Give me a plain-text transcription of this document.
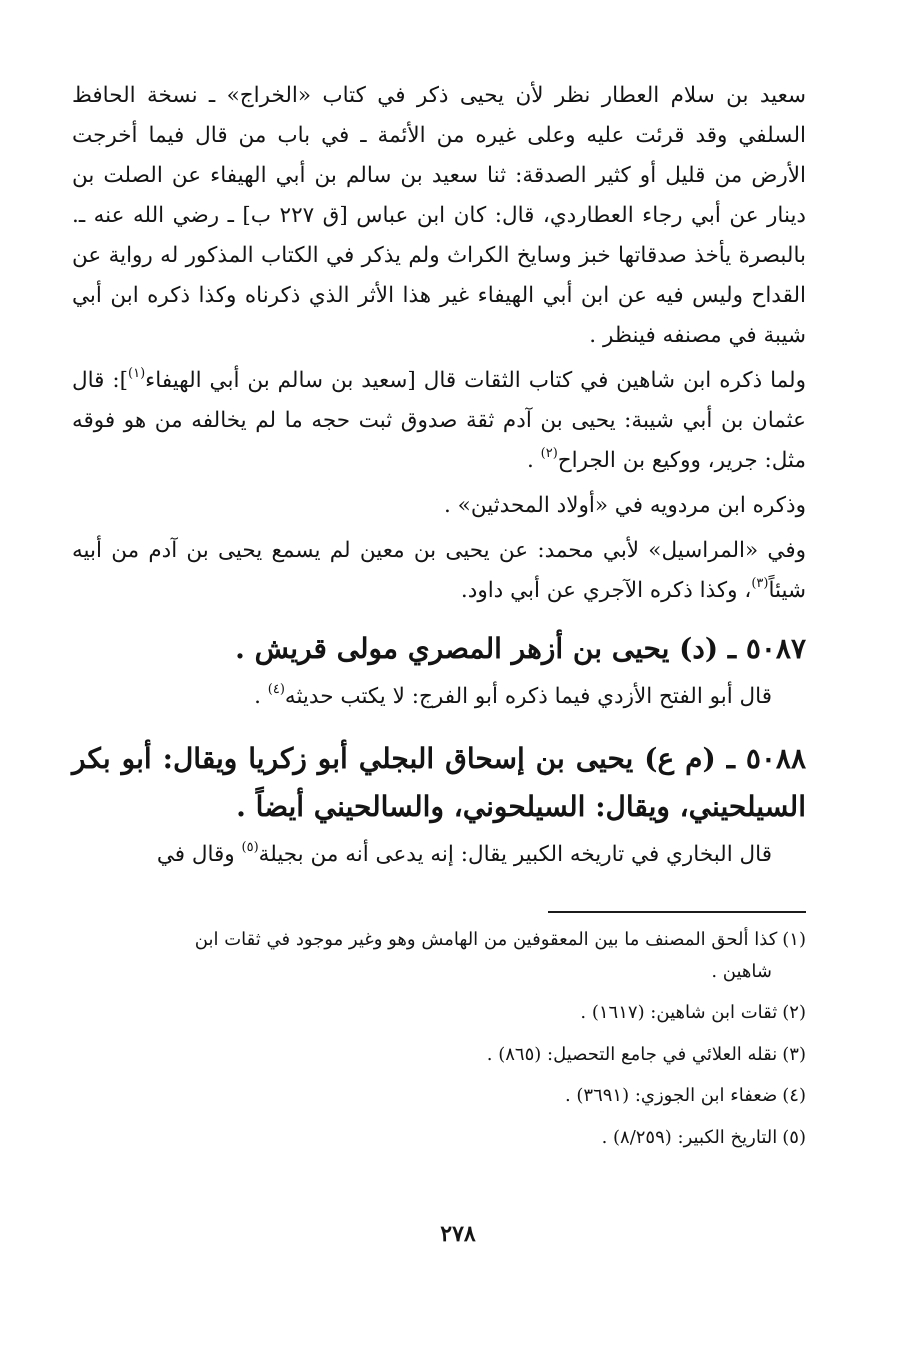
سعيد بن سلام العطار نظر لأن يحيى ذكر في كتاب «الخراج» ـ نسخة الحافظ السلفي وقد قرئت عليه وعلى غيره من الأئمة ـ في باب من قال فيما أخرجت الأرض من قليل أو كثير الصدقة: ثنا سعيد بن سالم بن أبي الهيفاء عن الصلت بن دينار عن أبي رجاء العطاردي، قال: كان ابن عباس [ق ٢٢٧ ب] ـ رضي الله عنه ـ. بالبصرة يأخذ صدقاتها خبز وسايخ الكراث ولم يذكر في الكتاب المذكور له رواية عن القداح وليس فيه عن ابن أبي الهيفاء غير هذا الأثر الذي ذكرناه وكذا ذكره ابن أبي شيبة في مصنفه فينظر .

ولما ذكره ابن شاهين في كتاب الثقات قال [سعيد بن سالم بن أبي الهيفاء$^{(١)}$]: قال عثمان بن أبي شيبة: يحيى بن آدم ثقة صدوق ثبت حجه ما لم يخالفه من هو فوقه مثل: جرير، ووكيع بن الجراح$^{(٢)}$ .

وذكره ابن مردويه في «أولاد المحدثين» .

وفي «المراسيل» لأبي محمد: عن يحيى بن معين لم يسمع يحيى بن آدم من أبيه شيئاً$^{(٣)}$، وكذا ذكره الآجري عن أبي داود.

٥٠٨٧ ـ (د) يحيى بن أزهر المصري مولى قريش .

قال أبو الفتح الأزدي فيما ذكره أبو الفرج: لا يكتب حديثه$^{(٤)}$ .

٥٠٨٨ ـ (م ع) يحيى بن إسحاق البجلي أبو زكريا ويقال: أبو بكر السيلحيني، ويقال: السيلحوني، والسالحيني أيضاً .

قال البخاري في تاريخه الكبير يقال: إنه يدعى أنه من بجيلة$^{(٥)}$ وقال في

(١)كذا ألحق المصنف ما بين المعقوفين من الهامش وهو وغير موجود في ثقات ابن
شاهين .

(٢)ثقات ابن شاهين: (١٦١٧) .

(٣)نقله العلائي في جامع التحصيل: (٨٦٥) .

(٤)ضعفاء ابن الجوزي: (٣٦٩١) .

(٥)التاريخ الكبير: (٨/٢٥٩) .

٢٧٨
